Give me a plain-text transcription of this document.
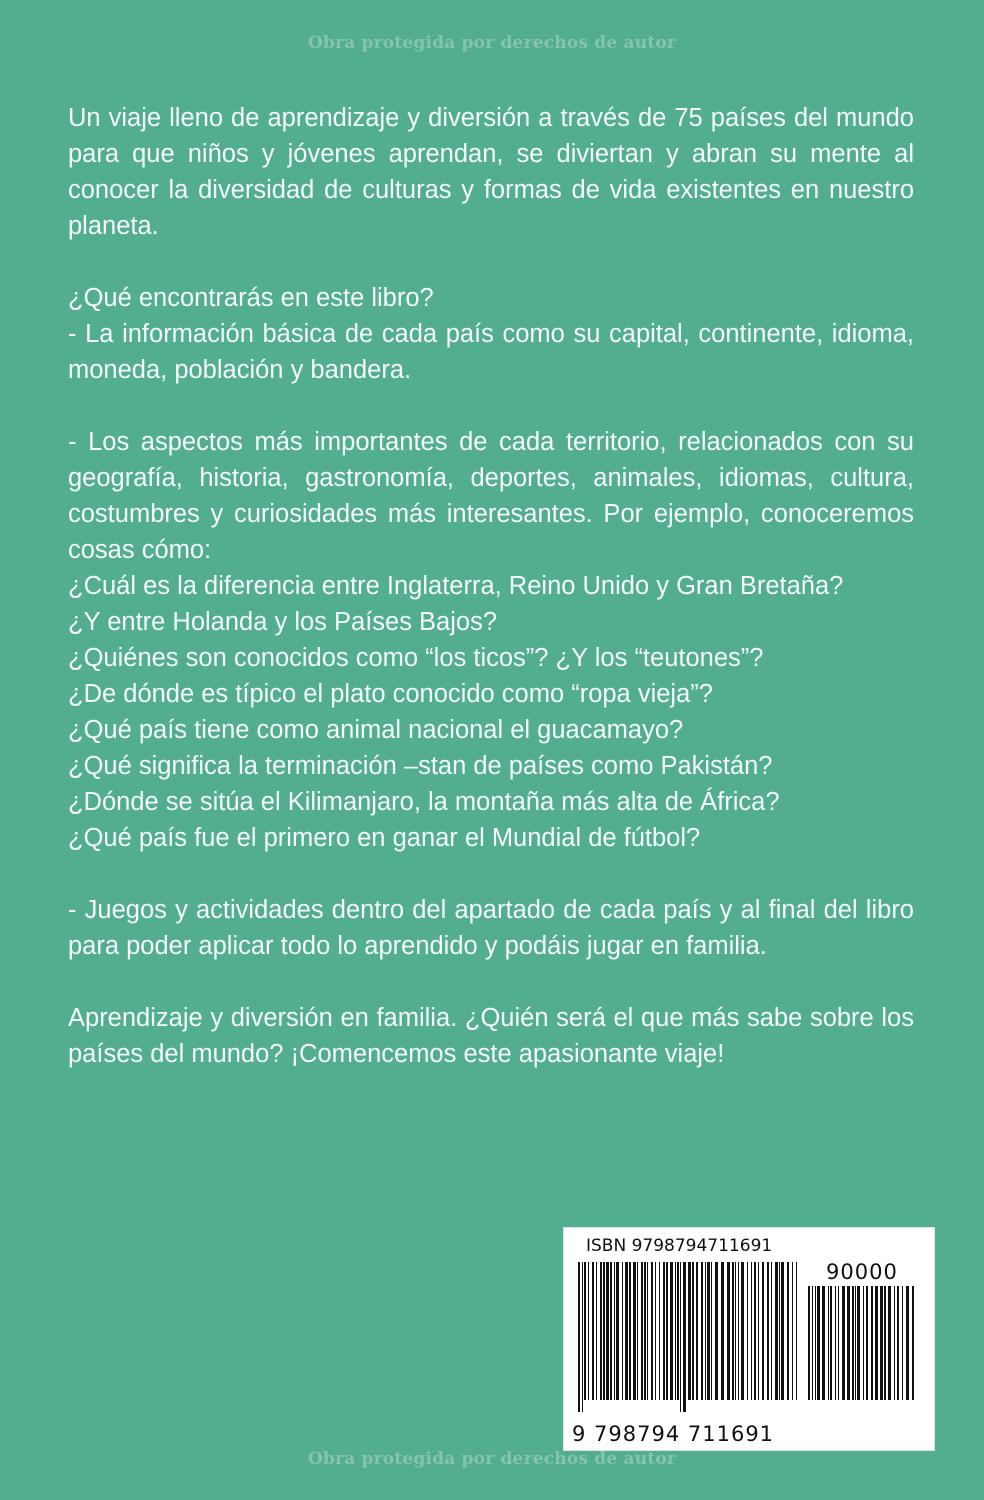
Obra protegida por derechos de autor

Un viaje lleno de aprendizaje y diversión a través de 75 países del mundo para que niños y jóvenes aprendan, se diviertan y abran su mente al conocer la diversidad de culturas y formas de vida existentes en nuestro planeta.

¿Qué encontrarás en este libro?

- La información básica de cada país como su capital, continente, idioma, moneda, población y bandera.

- Los aspectos más importantes de cada territorio, relacionados con su geografía, historia, gastronomía, deportes, animales, idiomas, cultura, costumbres y curiosidades más interesantes. Por ejemplo, conoceremos cosas cómo:

¿Cuál es la diferencia entre Inglaterra, Reino Unido y Gran Bretaña?

¿Y entre Holanda y los Países Bajos?

¿Quiénes son conocidos como “los ticos”? ¿Y los “teutones”?

¿De dónde es típico el plato conocido como “ropa vieja”?

¿Qué país tiene como animal nacional el guacamayo?

¿Qué significa la terminación –stan de países como Pakistán?

¿Dónde se sitúa el Kilimanjaro, la montaña más alta de África?

¿Qué país fue el primero en ganar el Mundial de fútbol?

- Juegos y actividades dentro del apartado de cada país y al final del libro para poder aplicar todo lo aprendido y podáis jugar en familia.

Aprendizaje y diversión en familia. ¿Quién será el que más sabe sobre los países del mundo? ¡Comencemos este apasionante viaje!

ISBN 9798794711691
90000
9 798794 711691
Obra protegida por derechos de autor
